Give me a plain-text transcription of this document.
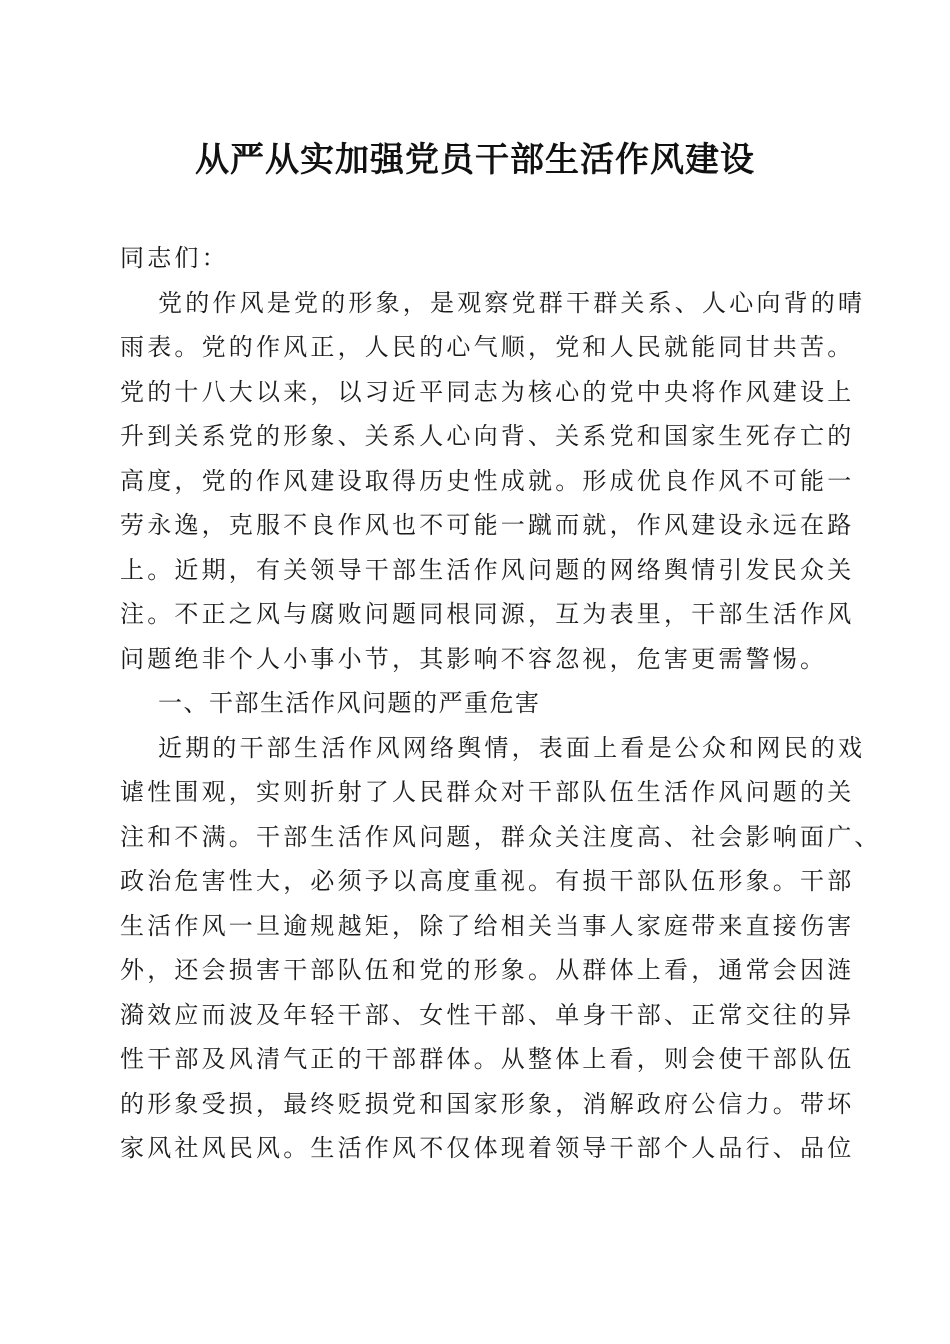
从严从实加强党员干部生活作风建设
同志们：
党的作风是党的形象，是观察党群干群关系、人心向背的晴
雨表。党的作风正，人民的心气顺，党和人民就能同甘共苦。
党的十八大以来，以习近平同志为核心的党中央将作风建设上
升到关系党的形象、关系人心向背、关系党和国家生死存亡的
高度，党的作风建设取得历史性成就。形成优良作风不可能一
劳永逸，克服不良作风也不可能一蹴而就，作风建设永远在路
上。近期，有关领导干部生活作风问题的网络舆情引发民众关
注。不正之风与腐败问题同根同源，互为表里，干部生活作风
问题绝非个人小事小节，其影响不容忽视，危害更需警惕。
一、干部生活作风问题的严重危害
近期的干部生活作风网络舆情，表面上看是公众和网民的戏
谑性围观，实则折射了人民群众对干部队伍生活作风问题的关
注和不满。干部生活作风问题，群众关注度高、社会影响面广、
政治危害性大，必须予以高度重视。有损干部队伍形象。干部
生活作风一旦逾规越矩，除了给相关当事人家庭带来直接伤害
外，还会损害干部队伍和党的形象。从群体上看，通常会因涟
漪效应而波及年轻干部、女性干部、单身干部、正常交往的异
性干部及风清气正的干部群体。从整体上看，则会使干部队伍
的形象受损，最终贬损党和国家形象，消解政府公信力。带坏
家风社风民风。生活作风不仅体现着领导干部个人品行、品位
